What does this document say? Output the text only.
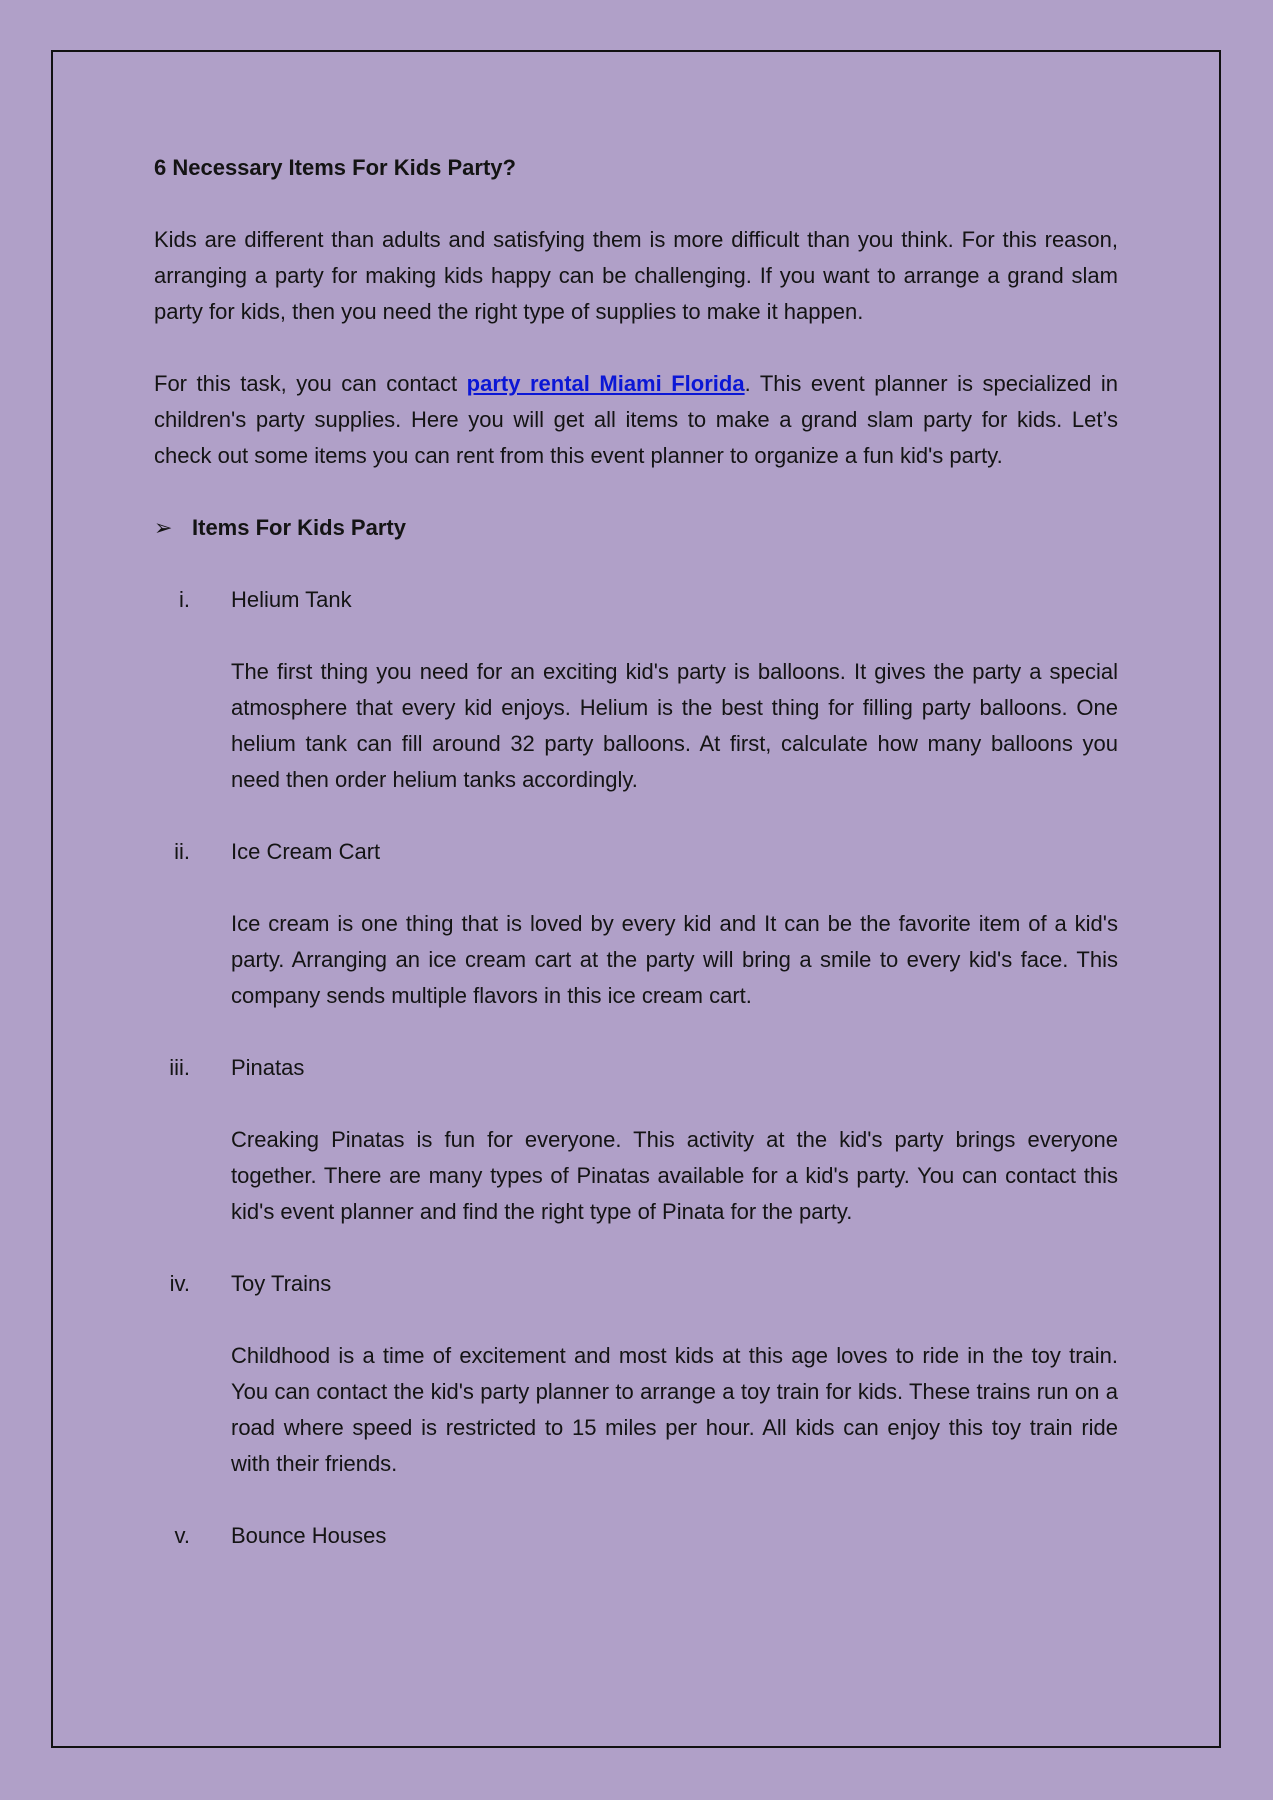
6 Necessary Items For Kids Party?

Kids are different than adults and satisfying them is more difficult than you think. For this reason, arranging a party for making kids happy can be challenging. If you want to arrange a grand slam party for kids, then you need the right type of supplies to make it happen.

For this task, you can contact party rental Miami Florida. This event planner is specialized in children's party supplies. Here you will get all items to make a grand slam party for kids. Let’s check out some items you can rent from this event planner to organize a fun kid's party.

➢ Items For Kids Party
i.	Helium Tank

The first thing you need for an exciting kid's party is balloons. It gives the party a special atmosphere that every kid enjoys. Helium is the best thing for filling party balloons. One helium tank can fill around 32 party balloons. At first, calculate how many balloons you need then order helium tanks accordingly.

ii.	Ice Cream Cart

Ice cream is one thing that is loved by every kid and It can be the favorite item of a kid's party. Arranging an ice cream cart at the party will bring a smile to every kid's face. This company sends multiple flavors in this ice cream cart.

iii.	Pinatas

Creaking Pinatas is fun for everyone. This activity at the kid's party brings everyone together. There are many types of Pinatas available for a kid's party. You can contact this kid's event planner and find the right type of Pinata for the party.

iv.	Toy Trains

Childhood is a time of excitement and most kids at this age loves to ride in the toy train. You can contact the kid's party planner to arrange a toy train for kids. These trains run on a road where speed is restricted to 15 miles per hour. All kids can enjoy this toy train ride with their friends.

v.	Bounce Houses
